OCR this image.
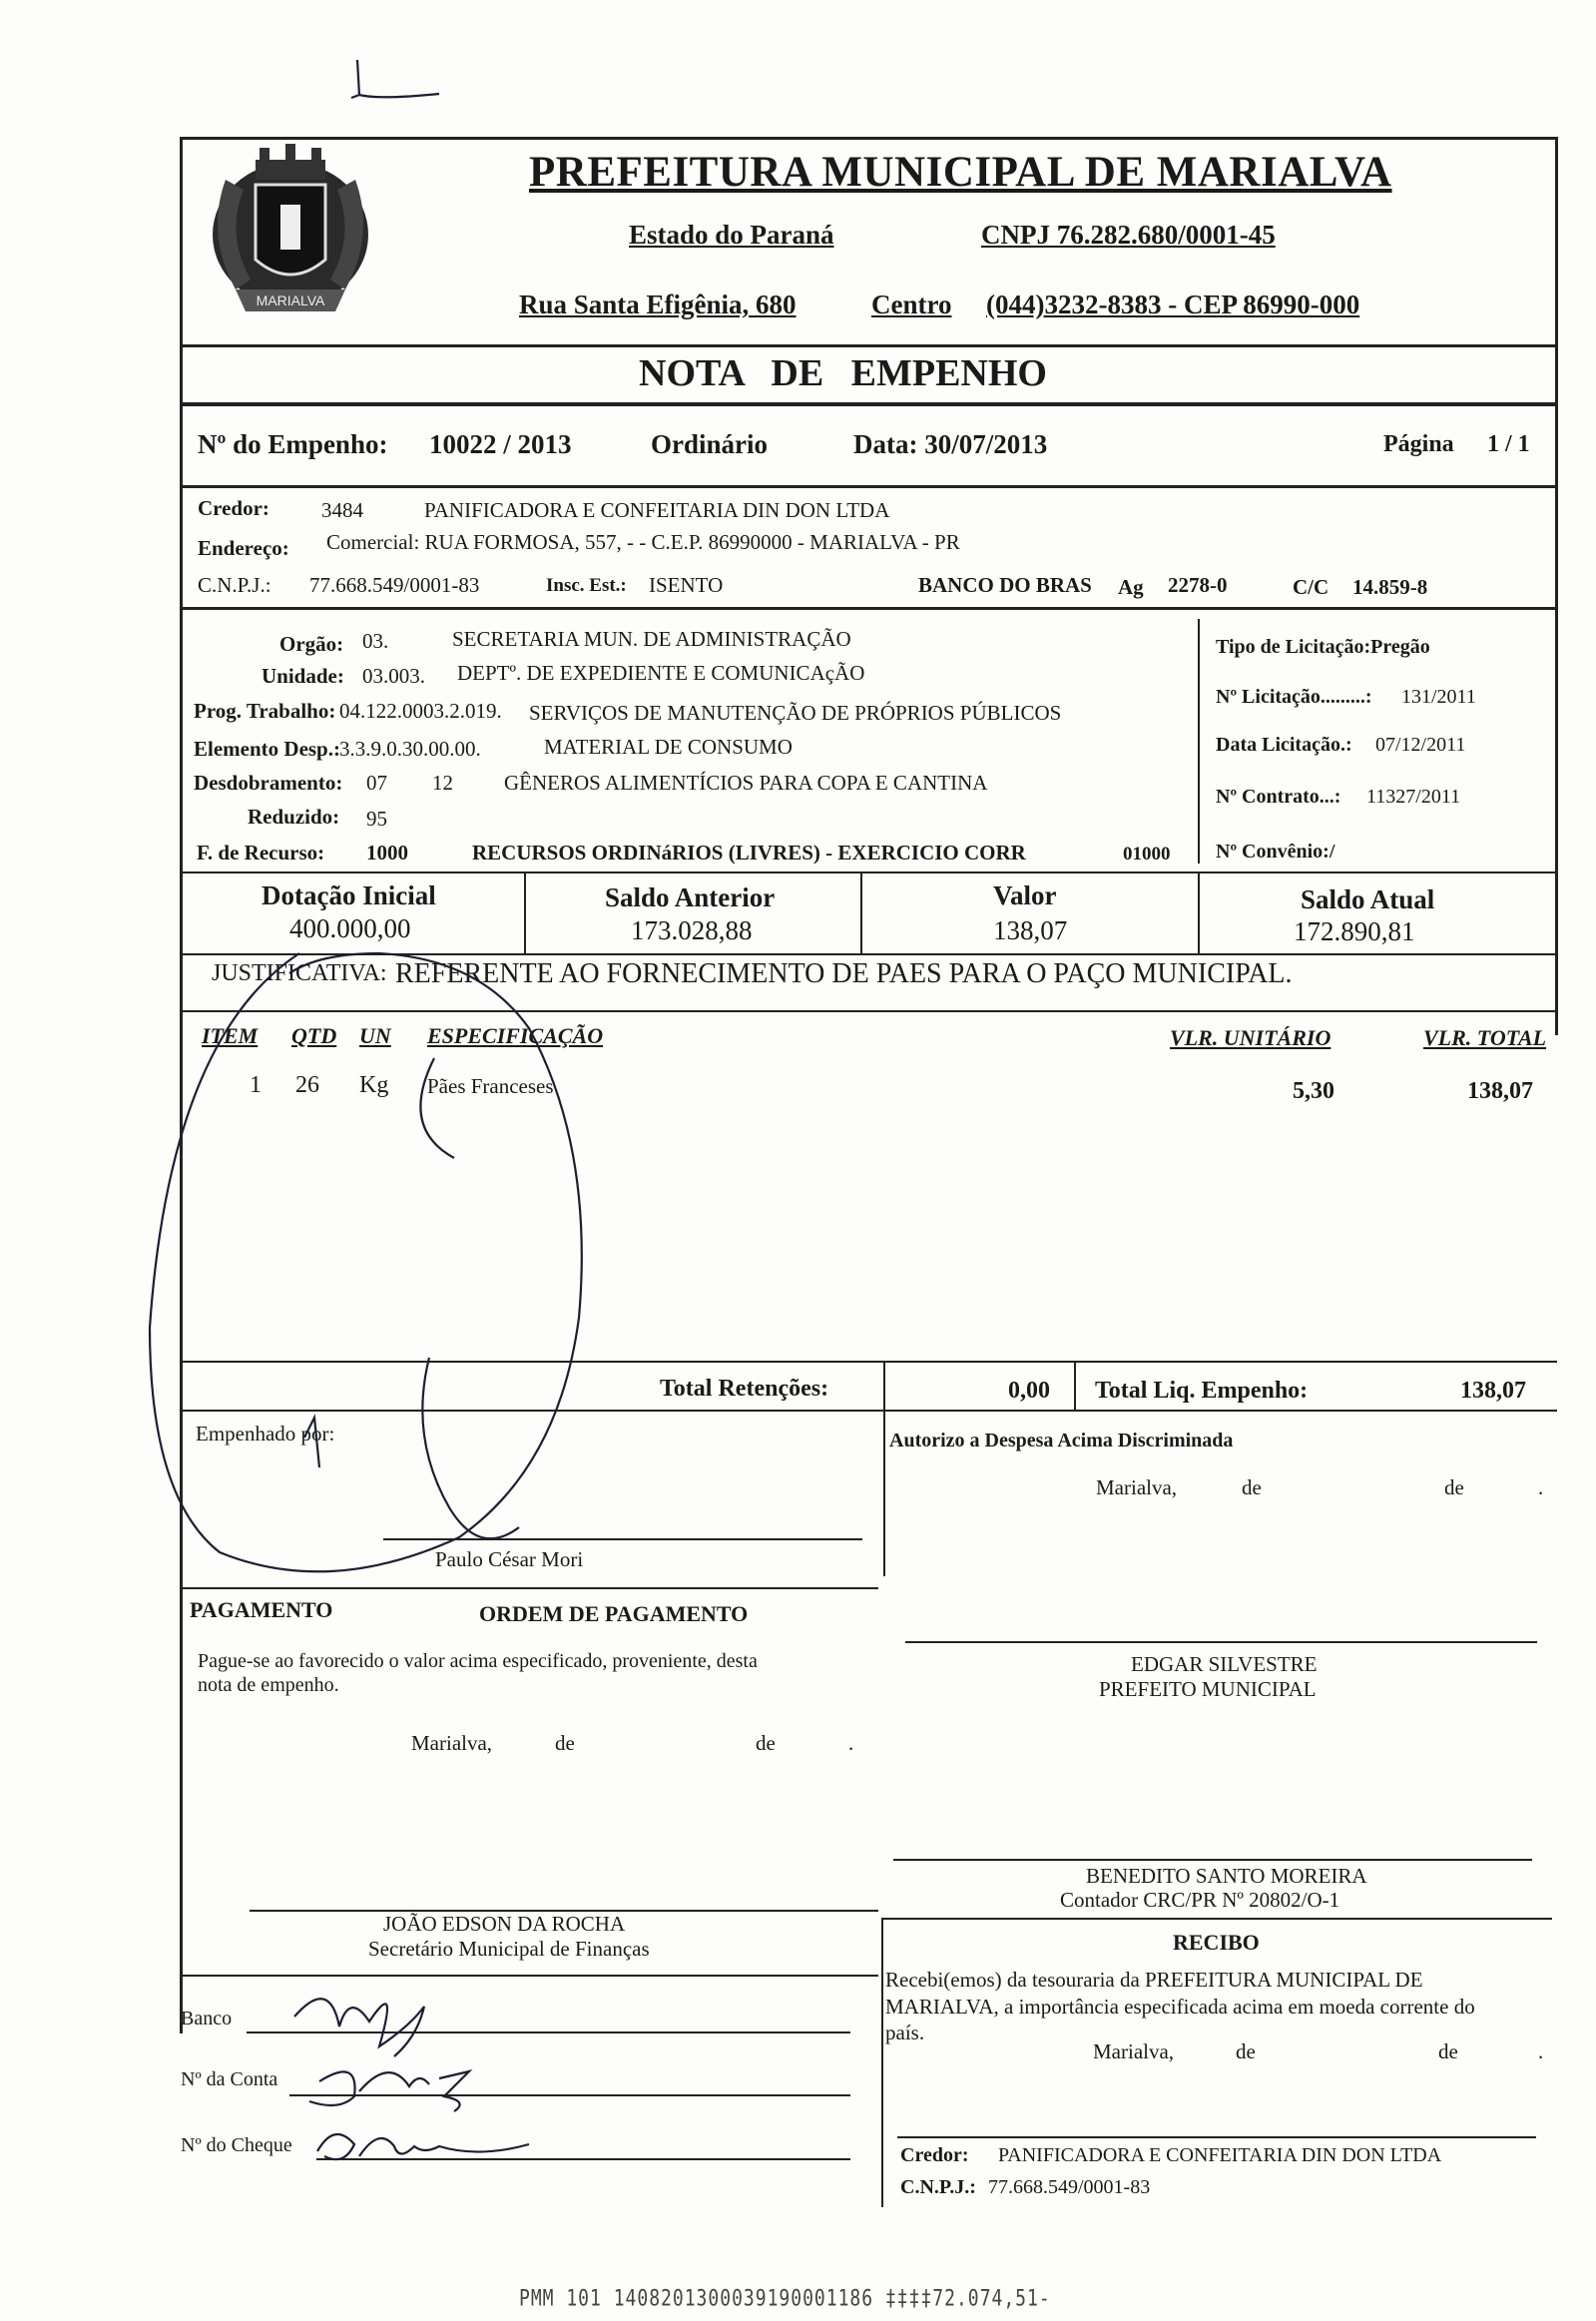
MARIALVA
PREFEITURA MUNICIPAL DE MARIALVA
Estado do Paraná	CNPJ 76.282.680/0001-45
Rua Santa Efigênia, 680	Centro (044)3232-8383 - CEP 86990-000
NOTA DE EMPENHO
Nº do Empenho: 10022 / 2013	Ordinário	Data: 30/07/2013	Página 1 / 1
Credor: 3484	PANIFICADORA E CONFEITARIA DIN DON LTDA
Endereço: Comercial: RUA FORMOSA, 557, - - C.E.P. 86990000 - MARIALVA - PR
C.N.P.J.: 77.668.549/0001-83	Insc. Est.: ISENTO	BANCO DO BRAS Ag 2278-0	C/C 14.859-8
Orgão: 03.	SECRETARIA MUN. DE ADMINISTRAÇÃO
Unidade: 03.003. DEPTº. DE EXPEDIENTE E COMUNICAçÃO
Prog. Trabalho: 04.122.0003.2.019. SERVIÇOS DE MANUTENÇÃO DE PRÓPRIOS PÚBLICOS
Elemento Desp.: 3.3.9.0.30.00.00.	MATERIAL DE CONSUMO
Desdobramento: 07 12 GÊNEROS ALIMENTÍCIOS PARA COPA E CANTINA
Reduzido: 95
F. de Recurso: 1000	RECURSOS ORDINáRIOS (LIVRES) - EXERCICIO CORR	01000
Tipo de Licitação:Pregão
Nº Licitação.........: 131/2011
Data Licitação.: 07/12/2011
Nº Contrato...: 11327/2011
Nº Convênio:/
Dotação Inicial
400.000,00
Saldo Anterior
173.028,88
Valor
138,07
Saldo Atual
172.890,81
JUSTIFICATIVA: REFERENTE AO FORNECIMENTO DE PAES PARA O PAÇO MUNICIPAL.
ITEM QTD UN ESPECIFICAÇÃO	VLR. UNITÁRIO	VLR. TOTAL
1 26 Kg Pães Franceses	5,30	138,07
Total Retenções:	0,00 Total Liq. Empenho:	138,07
Empenhado por:	Autorizo a Despesa Acima Discriminada
Marialva,	de	de	.
Paulo César Mori
PAGAMENTO	ORDEM DE PAGAMENTO
Pague-se ao favorecido o valor acima especificado, proveniente, desta
nota de empenho.
Marialva,	de	de	.
EDGAR SILVESTRE
PREFEITO MUNICIPAL
BENEDITO SANTO MOREIRA
Contador CRC/PR Nº 20802/O-1
JOÃO EDSON DA ROCHA
Secretário Municipal de Finanças	RECIBO
Recebi(emos) da tesouraria da PREFEITURA MUNICIPAL DE
MARIALVA, a importância especificada acima em moeda corrente do
país.
Marialva,	de	de	.
Banco
Nº da Conta
Nº do Cheque	Credor: PANIFICADORA E CONFEITARIA DIN DON LTDA
C.N.P.J.: 77.668.549/0001-83
PMM 101 1408201300039190001186 ‡‡‡‡72.074,51-
